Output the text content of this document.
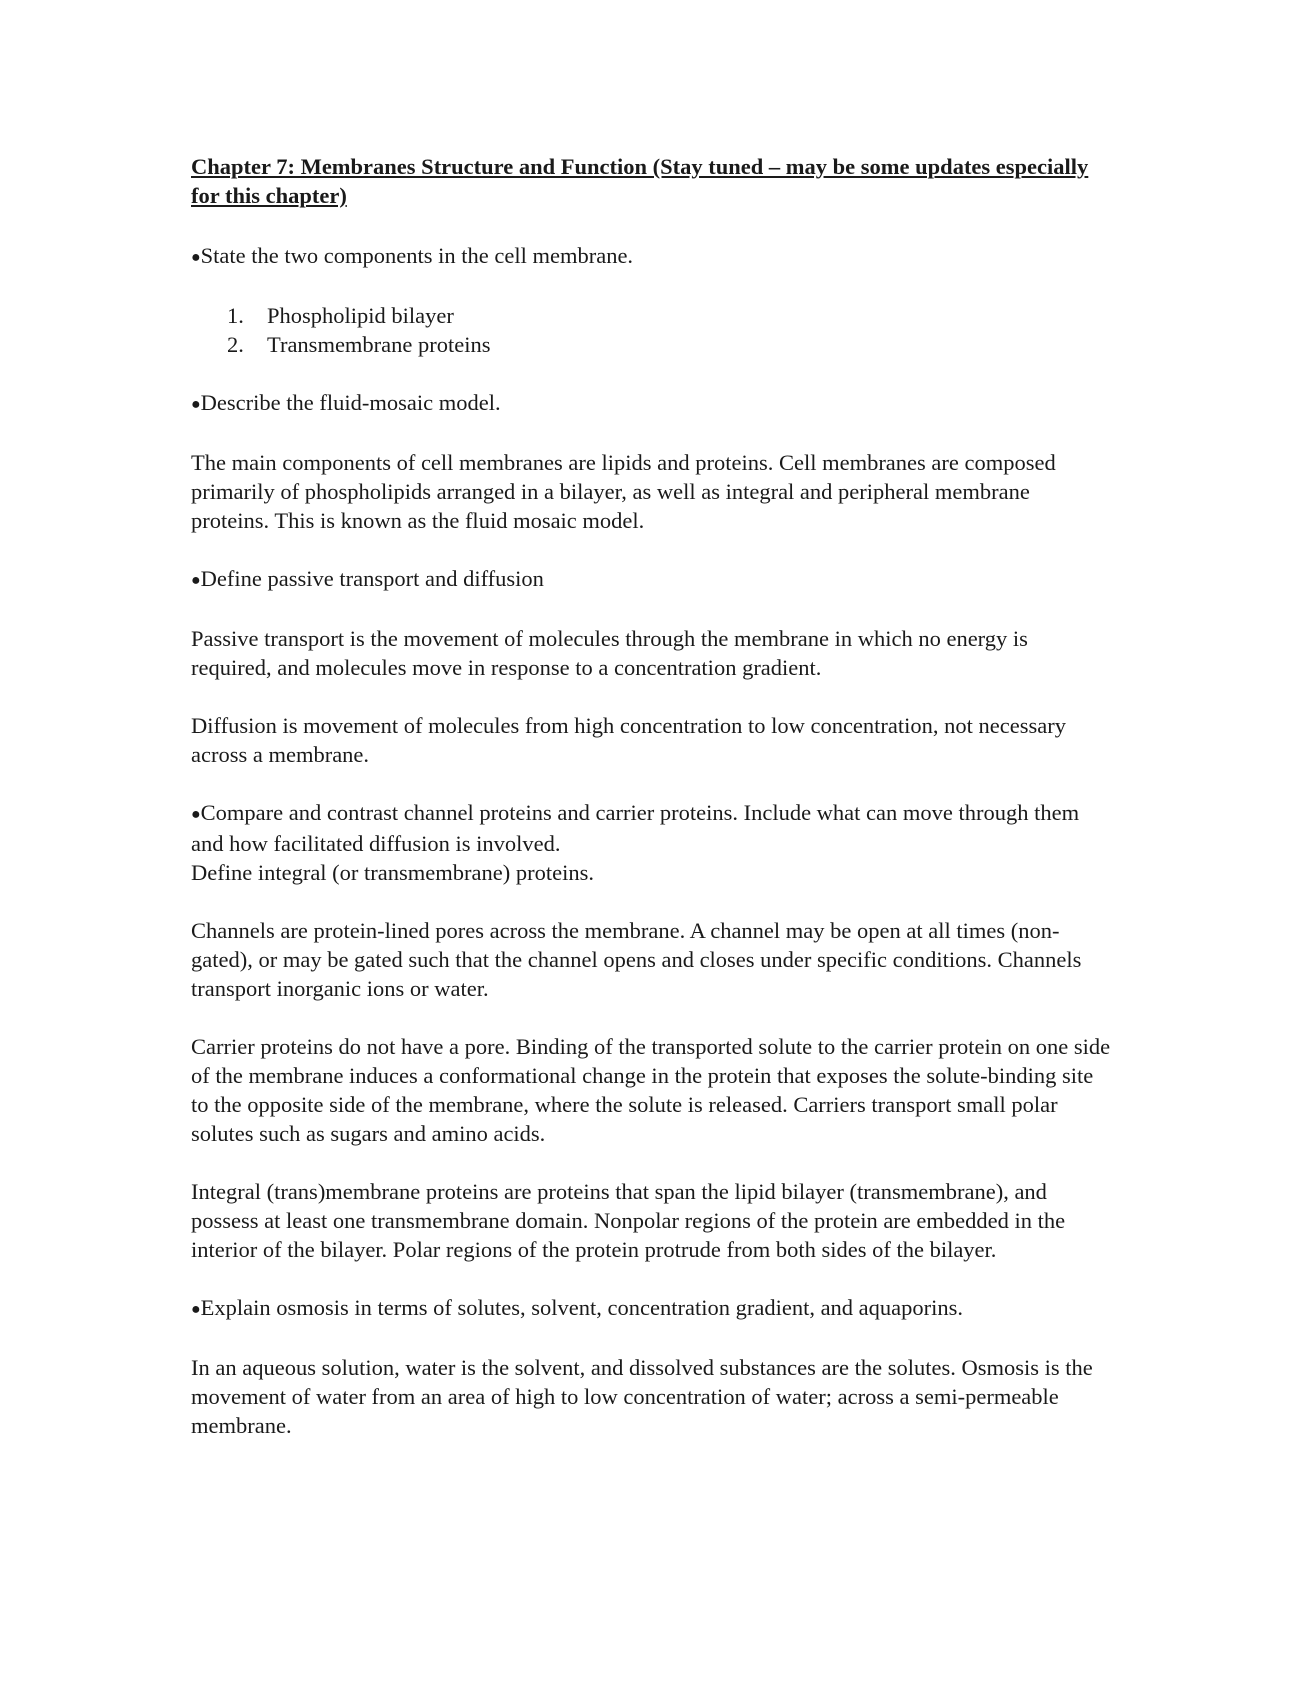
Chapter 7: Membranes Structure and Function (Stay tuned – may be some updates especially for this chapter)

●State the two components in the cell membrane.

1. Phospholipid bilayer
2. Transmembrane proteins

●Describe the fluid-mosaic model.

The main components of cell membranes are lipids and proteins. Cell membranes are composed primarily of phospholipids arranged in a bilayer, as well as integral and peripheral membrane proteins. This is known as the fluid mosaic model.

●Define passive transport and diffusion

Passive transport is the movement of molecules through the membrane in which no energy is required, and molecules move in response to a concentration gradient.

Diffusion is movement of molecules from high concentration to low concentration, not necessary across a membrane.

●Compare and contrast channel proteins and carrier proteins. Include what can move through them and how facilitated diffusion is involved.

Define integral (or transmembrane) proteins.

Channels are protein-lined pores across the membrane. A channel may be open at all times (non-gated), or may be gated such that the channel opens and closes under specific conditions. Channels transport inorganic ions or water.

Carrier proteins do not have a pore. Binding of the transported solute to the carrier protein on one side of the membrane induces a conformational change in the protein that exposes the solute-binding site to the opposite side of the membrane, where the solute is released. Carriers transport small polar solutes such as sugars and amino acids.

Integral (trans)membrane proteins are proteins that span the lipid bilayer (transmembrane), and possess at least one transmembrane domain. Nonpolar regions of the protein are embedded in the interior of the bilayer. Polar regions of the protein protrude from both sides of the bilayer.

●Explain osmosis in terms of solutes, solvent, concentration gradient, and aquaporins.

In an aqueous solution, water is the solvent, and dissolved substances are the solutes. Osmosis is the movement of water from an area of high to low concentration of water; across a semi-permeable membrane.
